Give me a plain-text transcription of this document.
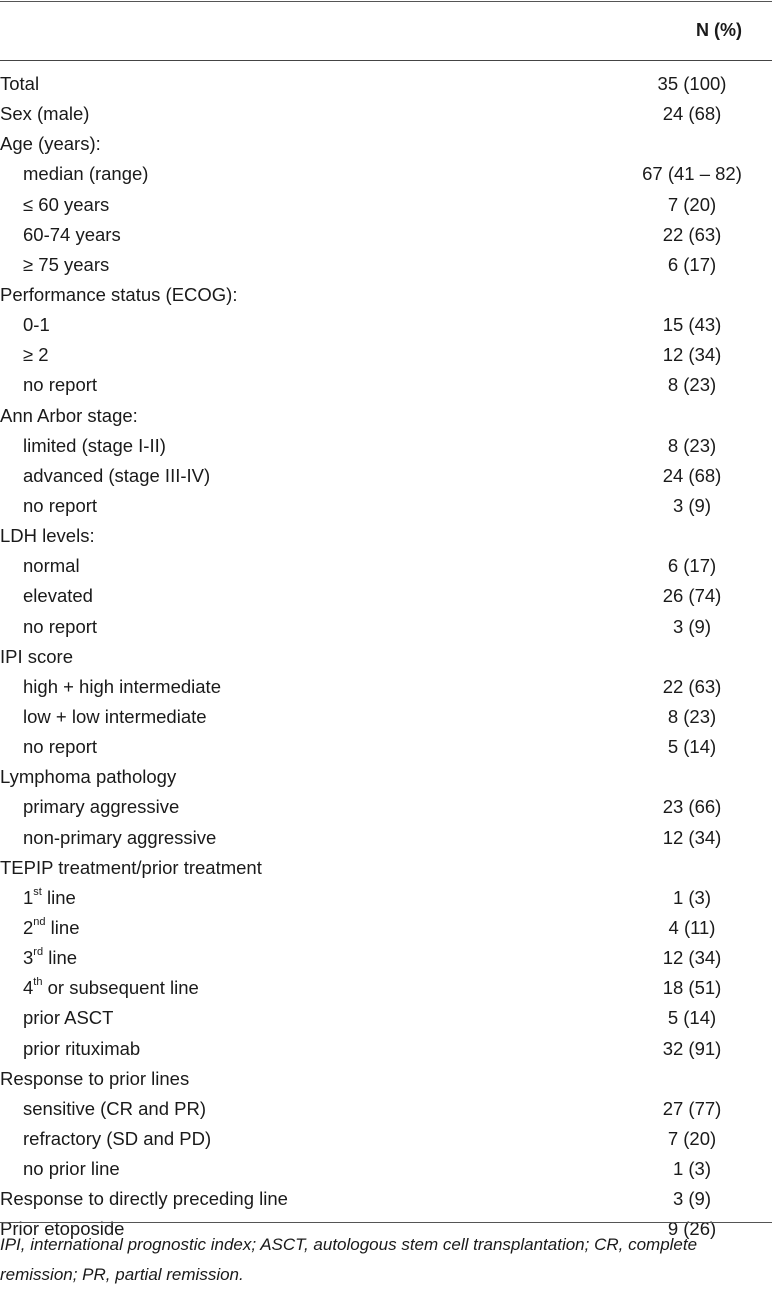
N (%)
Total	35 (100)
Sex (male)	24 (68)
Age (years):	
median (range)	67 (41 – 82)
≤ 60 years	7 (20)
60-74 years	22 (63)
≥ 75 years	6 (17)
Performance status (ECOG):	
0-1	15 (43)
≥ 2	12 (34)
no report	8 (23)
Ann Arbor stage:	
limited (stage I-II)	8 (23)
advanced (stage III-IV)	24 (68)
no report	3 (9)
LDH levels:	
normal	6 (17)
elevated	26 (74)
no report	3 (9)
IPI score	
high + high intermediate	22 (63)
low + low intermediate	8 (23)
no report	5 (14)
Lymphoma pathology	
primary aggressive	23 (66)
non-primary aggressive	12 (34)
TEPIP treatment/prior treatment	
1st line	1 (3)
2nd line	4 (11)
3rd line	12 (34)
4th or subsequent line	18 (51)
prior ASCT	5 (14)
prior rituximab	32 (91)
Response to prior lines	
sensitive (CR and PR)	27 (77)
refractory (SD and PD)	7 (20)
no prior line	1 (3)
Response to directly preceding line	3 (9)
Prior etoposide	9 (26)
IPI, international prognostic index; ASCT, autologous stem cell transplantation; CR, complete remission; PR, partial remission.
